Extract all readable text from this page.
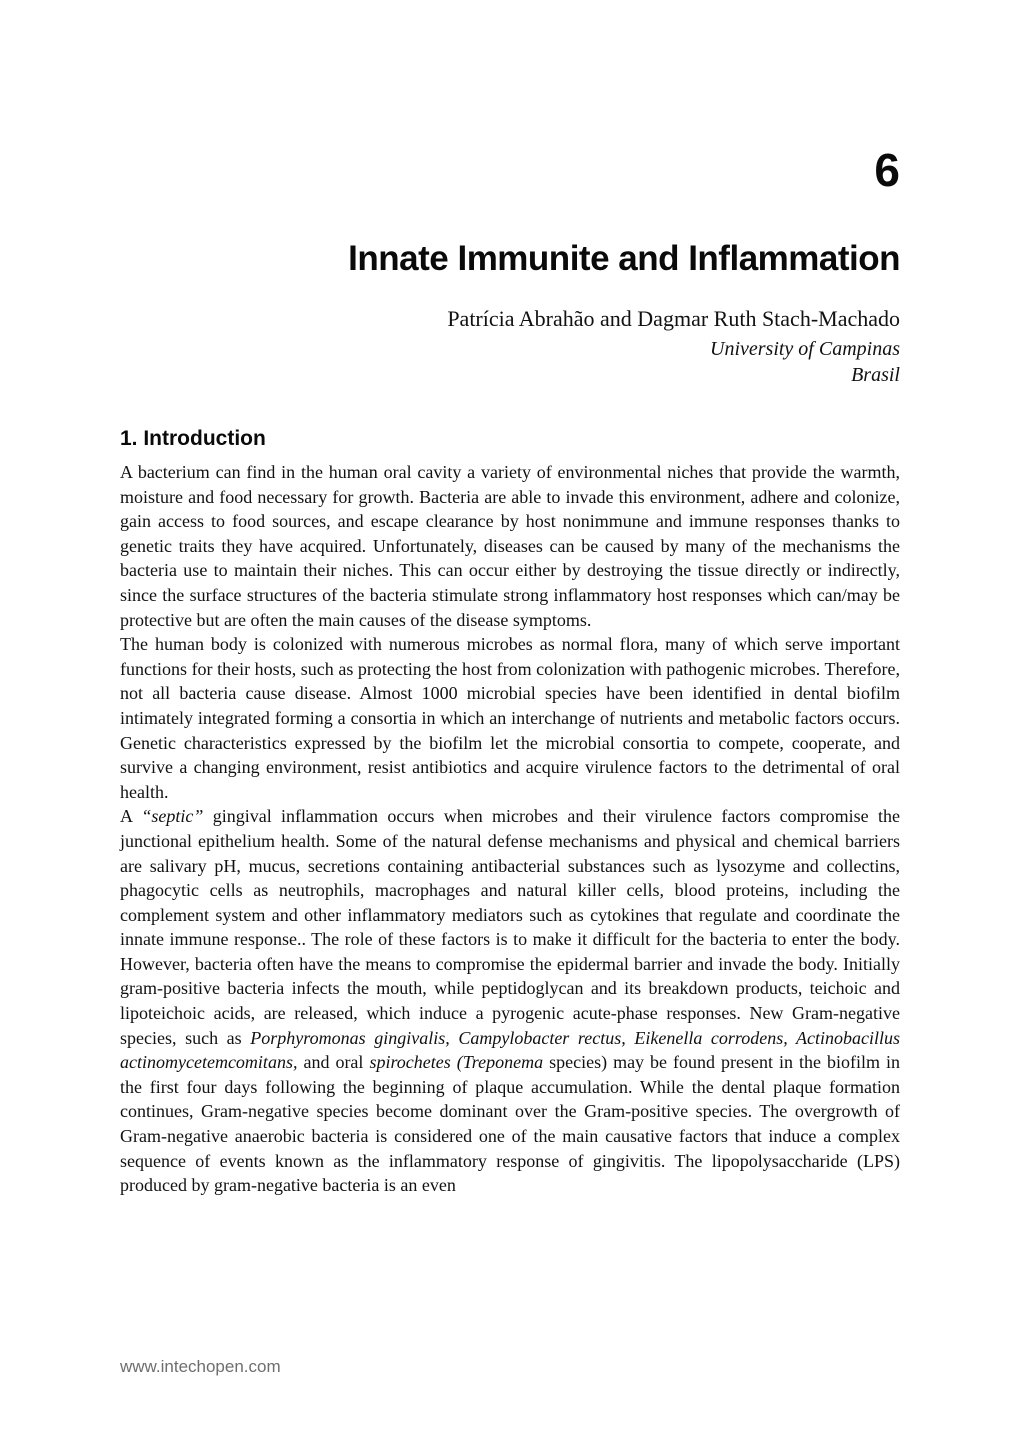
6
Innate Immunite and Inflammation
Patrícia Abrahão and Dagmar Ruth Stach-Machado
University of Campinas
Brasil
1. Introduction

A bacterium can find in the human oral cavity a variety of environmental niches that provide the warmth, moisture and food necessary for growth. Bacteria are able to invade this environment, adhere and colonize, gain access to food sources, and escape clearance by host nonimmune and immune responses thanks to genetic traits they have acquired. Unfortunately, diseases can be caused by many of the mechanisms the bacteria use to maintain their niches. This can occur either by destroying the tissue directly or indirectly, since the surface structures of the bacteria stimulate strong inflammatory host responses which can/may be protective but are often the main causes of the disease symptoms.

The human body is colonized with numerous microbes as normal flora, many of which serve important functions for their hosts, such as protecting the host from colonization with pathogenic microbes. Therefore, not all bacteria cause disease. Almost 1000 microbial species have been identified in dental biofilm intimately integrated forming a consortia in which an interchange of nutrients and metabolic factors occurs. Genetic characteristics expressed by the biofilm let the microbial consortia to compete, cooperate, and survive a changing environment, resist antibiotics and acquire virulence factors to the detrimental of oral health.

A “septic” gingival inflammation occurs when microbes and their virulence factors compromise the junctional epithelium health. Some of the natural defense mechanisms and physical and chemical barriers are salivary pH, mucus, secretions containing antibacterial substances such as lysozyme and collectins, phagocytic cells as neutrophils, macrophages and natural killer cells, blood proteins, including the complement system and other inflammatory mediators such as cytokines that regulate and coordinate the innate immune response.. The role of these factors is to make it difficult for the bacteria to enter the body. However, bacteria often have the means to compromise the epidermal barrier and invade the body. Initially gram-positive bacteria infects the mouth, while peptidoglycan and its breakdown products, teichoic and lipoteichoic acids, are released, which induce a pyrogenic acute-phase responses. New Gram-negative species, such as Porphyromonas gingivalis, Campylobacter rectus, Eikenella corrodens, Actinobacillus actinomycetemcomitans, and oral spirochetes (Treponema species) may be found present in the biofilm in the first four days following the beginning of plaque accumulation. While the dental plaque formation continues, Gram-negative species become dominant over the Gram-positive species. The overgrowth of Gram-negative anaerobic bacteria is considered one of the main causative factors that induce a complex sequence of events known as the inflammatory response of gingivitis. The lipopolysaccharide (LPS) produced by gram-negative bacteria is an even

www.intechopen.com
